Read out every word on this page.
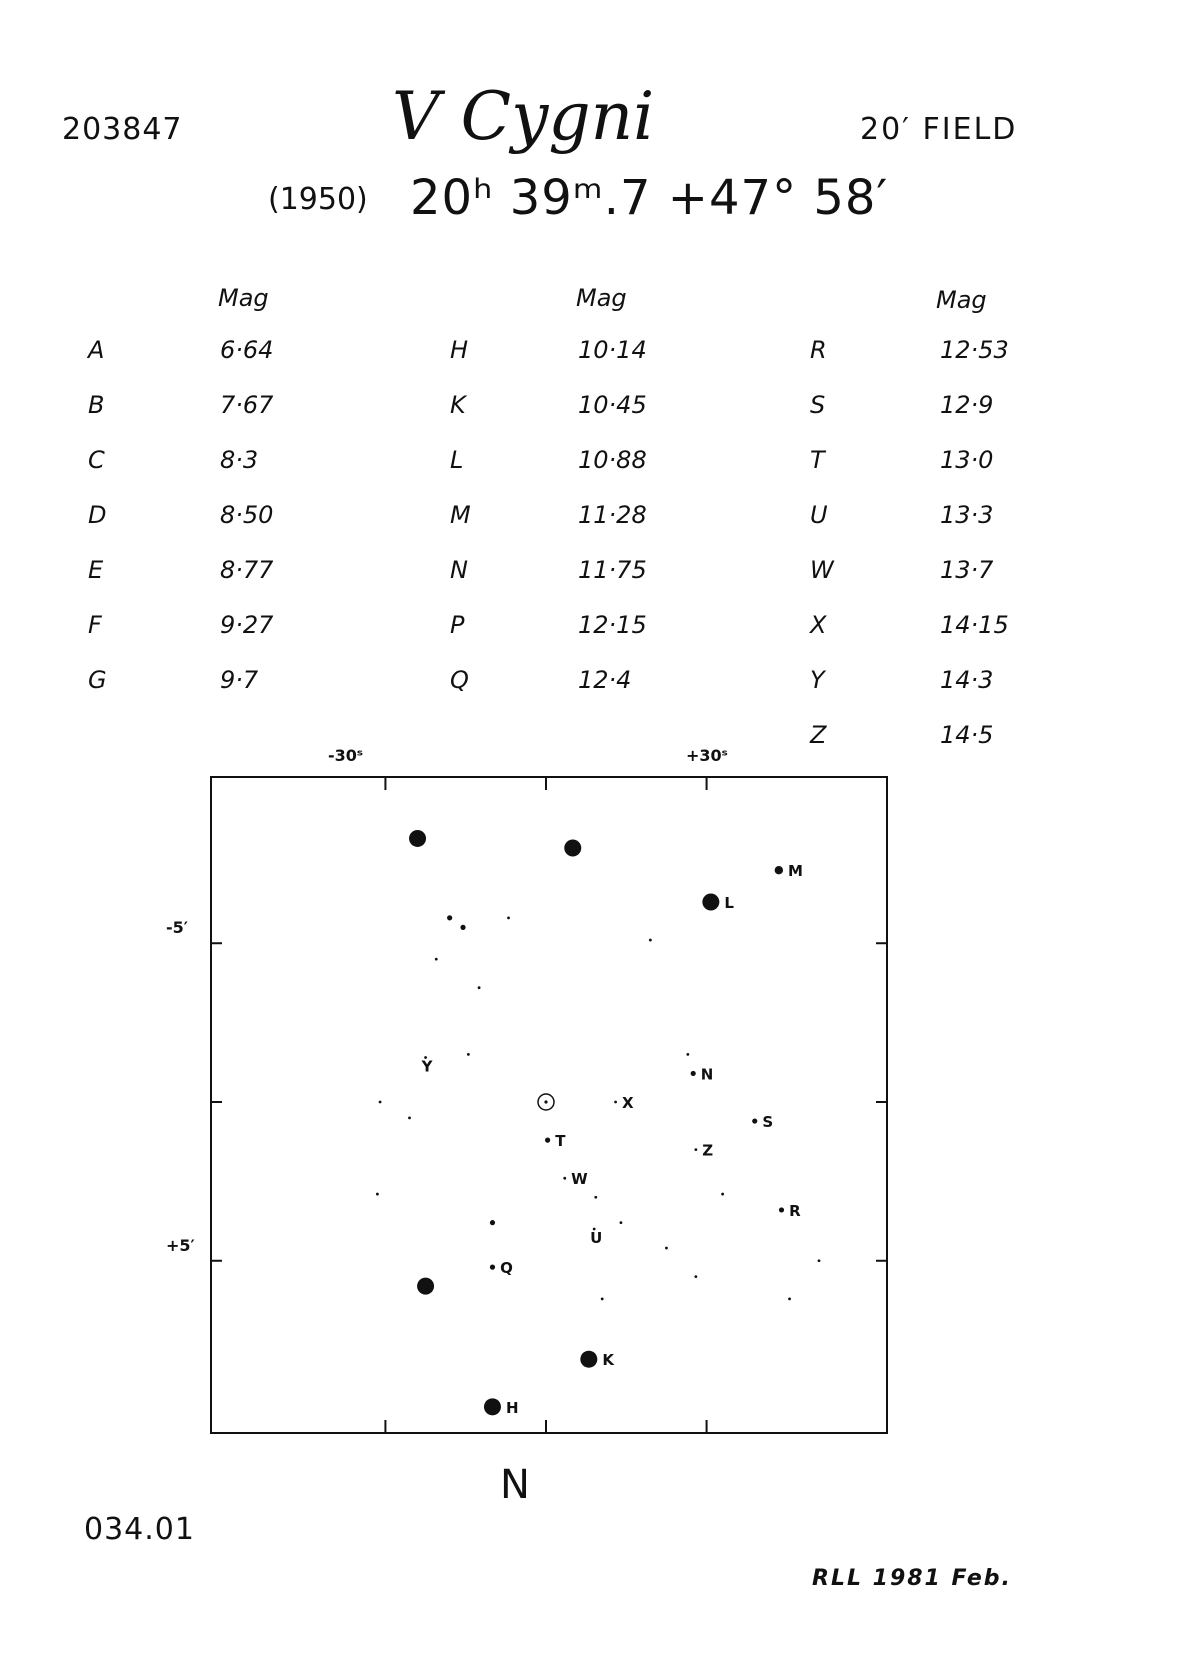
203847	V Cygni	20′ FIELD
(1950) 20ʰ 39ᵐ.7 +47° 58′
Mag	Mag	Mag
A	6·64	H	10·14	R	12·53
B	7·67	K	10·45	S	12·9
C	8·3	L	10·88	T	13·0
D	8·50	M	11·28	U	13·3
E	8·77	N	11·75	W	13·7
F	9·27	P	12·15	X	14·15
G	9·7	Q	12·4	Y	14·3
Z	14·5
-30ˢ	+30ˢ
-5′
+5′
L
M
Y	N
X
S
T
Z
W
R
U
Q
K
H
N
034.01
RLL 1981 Feb.
